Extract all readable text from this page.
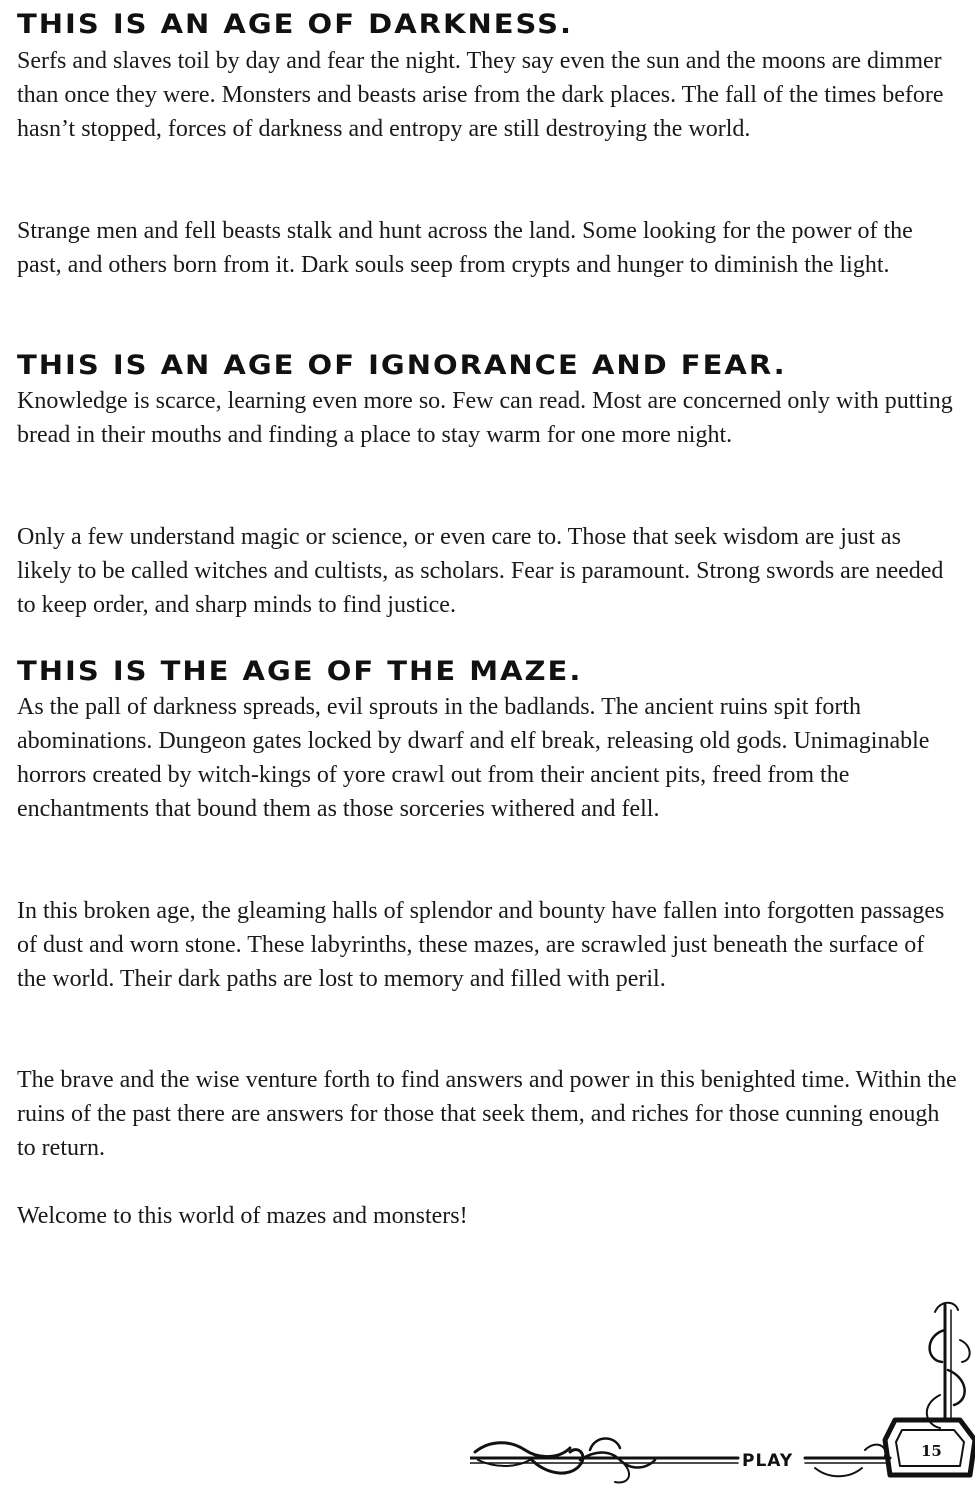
THIS IS AN AGE OF DARKNESS.

Serfs and slaves toil by day and fear the night. They say even the sun and the moons are dimmer than once they were. Monsters and beasts arise from the dark places. The fall of the times before hasn’t stopped, forces of darkness and entropy are still destroying the world.

Strange men and fell beasts stalk and hunt across the land. Some looking for the power of the past, and others born from it. Dark souls seep from crypts and hunger to diminish the light.

THIS IS AN AGE OF IGNORANCE AND FEAR.

Knowledge is scarce, learning even more so. Few can read. Most are concerned only with putting bread in their mouths and finding a place to stay warm for one more night.

Only a few understand magic or science, or even care to. Those that seek wisdom are just as likely to be called witches and cultists, as scholars. Fear is paramount. Strong swords are needed to keep order, and sharp minds to find justice.

THIS IS THE AGE OF THE MAZE.

As the pall of darkness spreads, evil sprouts in the badlands. The ancient ruins spit forth abominations. Dungeon gates locked by dwarf and elf break, releasing old gods. Unimaginable horrors created by witch-kings of yore crawl out from their ancient pits, freed from the enchantments that bound them as those sorceries withered and fell.

In this broken age, the gleaming halls of splendor and bounty have fallen into forgotten passages of dust and worn stone. These labyrinths, these mazes, are scrawled just beneath the surface of the world. Their dark paths are lost to memory and filled with peril.

The brave and the wise venture forth to find answers and power in this benighted time. Within the ruins of the past there are answers for those that seek them, and riches for those cunning enough to return.

Welcome to this world of mazes and monsters!

PLAY	15
